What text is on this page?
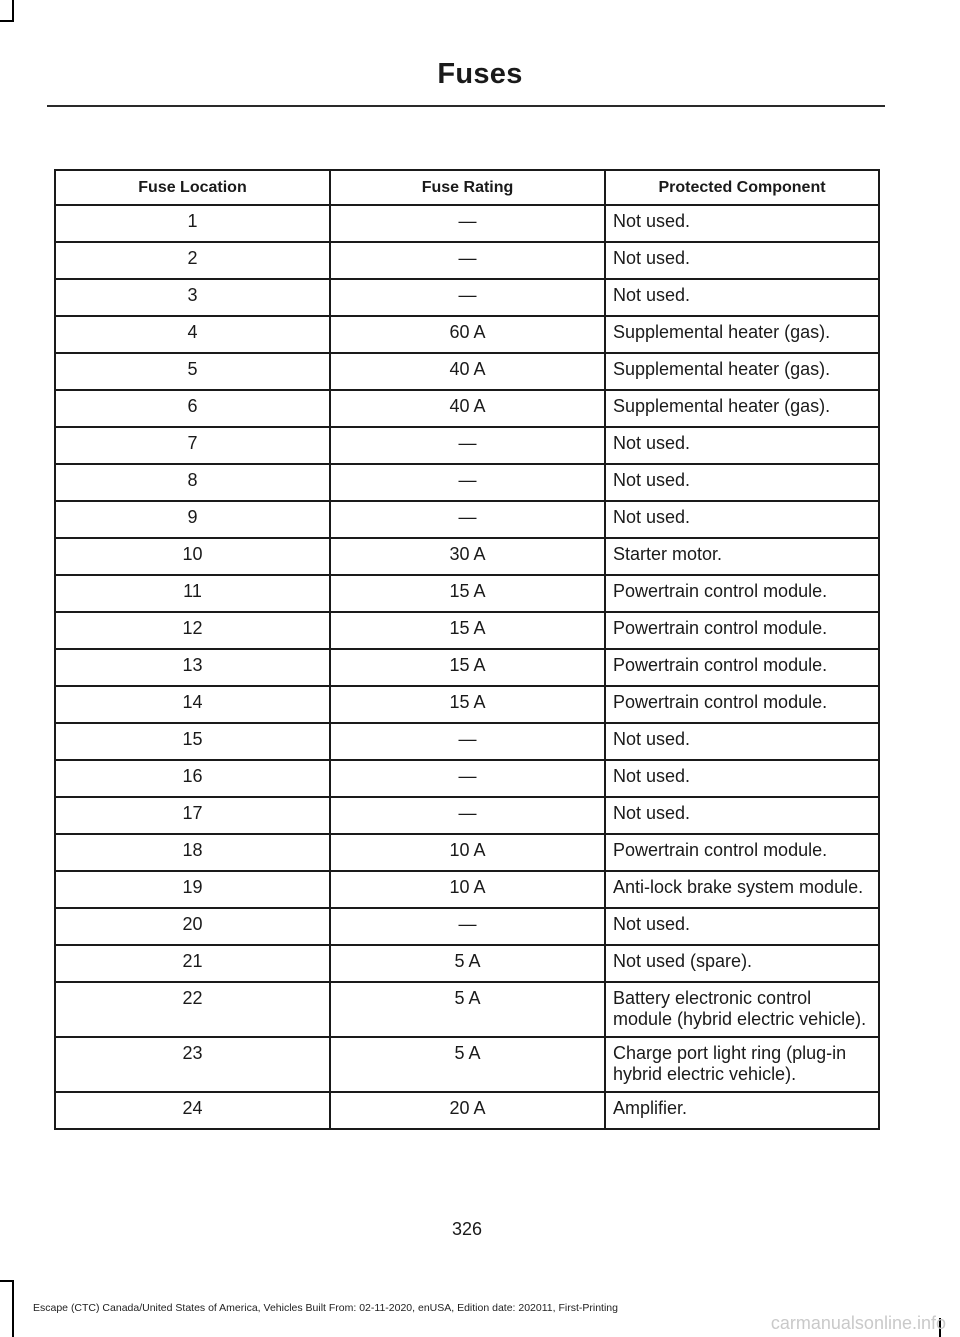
Fuses
Fuse Location	Fuse Rating	Protected Component
1	—	Not used.
2	—	Not used.
3	—	Not used.
4	60 A	Supplemental heater (gas).
5	40 A	Supplemental heater (gas).
6	40 A	Supplemental heater (gas).
7	—	Not used.
8	—	Not used.
9	—	Not used.
10	30 A	Starter motor.
11	15 A	Powertrain control module.
12	15 A	Powertrain control module.
13	15 A	Powertrain control module.
14	15 A	Powertrain control module.
15	—	Not used.
16	—	Not used.
17	—	Not used.
18	10 A	Powertrain control module.
19	10 A	Anti-lock brake system module.
20	—	Not used.
21	5 A	Not used (spare).
22	5 A	Battery electronic control module (hybrid electric vehicle).
23	5 A	Charge port light ring (plug-in hybrid electric vehicle).
24	20 A	Amplifier.
326
Escape (CTC) Canada/United States of America, Vehicles Built From: 02-11-2020, enUSA, Edition date: 202011, First-Printing
carmanualsonline.info
